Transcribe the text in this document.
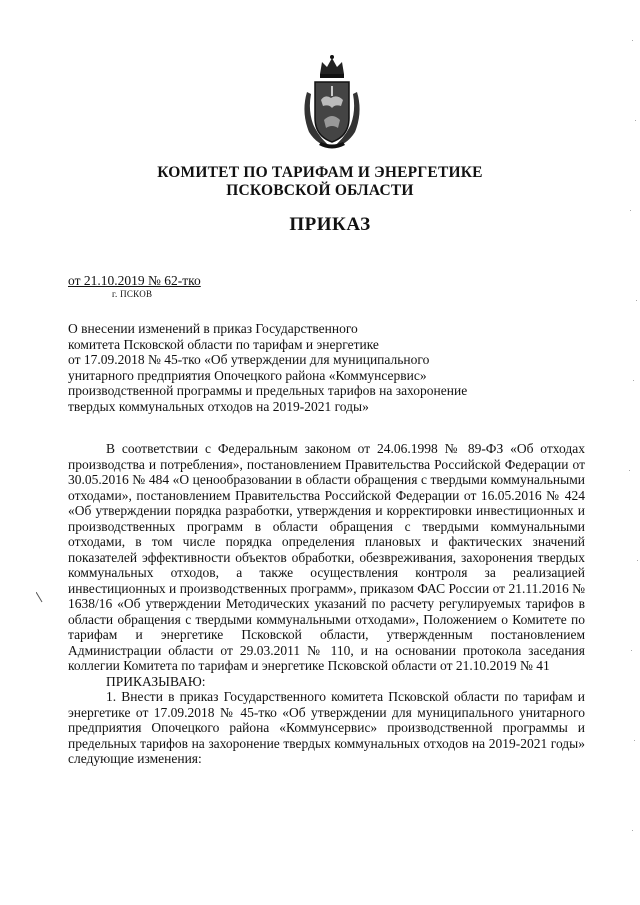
КОМИТЕТ ПО ТАРИФАМ И ЭНЕРГЕТИКЕ
ПСКОВСКОЙ ОБЛАСТИ
ПРИКАЗ
от 21.10.2019 № 62-тко
г. ПСКОВ
О внесении изменений в приказ Государственного
комитета Псковской области по тарифам и энергетике
от 17.09.2018 № 45-тко «Об утверждении для муниципального
унитарного предприятия Опочецкого района «Коммунсервис»
производственной программы и предельных тарифов на захоронение
твердых коммунальных отходов на 2019-2021 годы»
В соответствии с Федеральным законом от 24.06.1998 № 89-ФЗ «Об отходах производства и потребления», постановлением Правительства Российской Федерации от 30.05.2016 № 484 «О ценообразовании в области обращения с твердыми коммунальными отходами», постановлением Правительства Российской Федерации от 16.05.2016 № 424 «Об утверждении порядка разработки, утверждения и корректировки инвестиционных и производственных программ в области обращения с твердыми коммунальными отходами, в том числе порядка определения плановых и фактических значений показателей эффективности объектов обработки, обезвреживания, захоронения твердых коммунальных отходов, а также осуществления контроля за реализацией инвестиционных и производственных программ», приказом ФАС России от 21.11.2016 № 1638/16 «Об утверждении Методических указаний по расчету регулируемых тарифов в области обращения с твердыми коммунальными отходами», Положением о Комитете по тарифам и энергетике Псковской области, утвержденным постановлением Администрации области от 29.03.2011 № 110, и на основании протокола заседания коллегии Комитета по тарифам и энергетике Псковской области от 21.10.2019 № 41
ПРИКАЗЫВАЮ:
1. Внести в приказ Государственного комитета Псковской области по тарифам и энергетике от 17.09.2018 № 45-тко «Об утверждении для муниципального унитарного предприятия Опочецкого района «Коммунсервис» производственной программы и предельных тарифов на захоронение твердых коммунальных отходов на 2019-2021 годы» следующие изменения:
